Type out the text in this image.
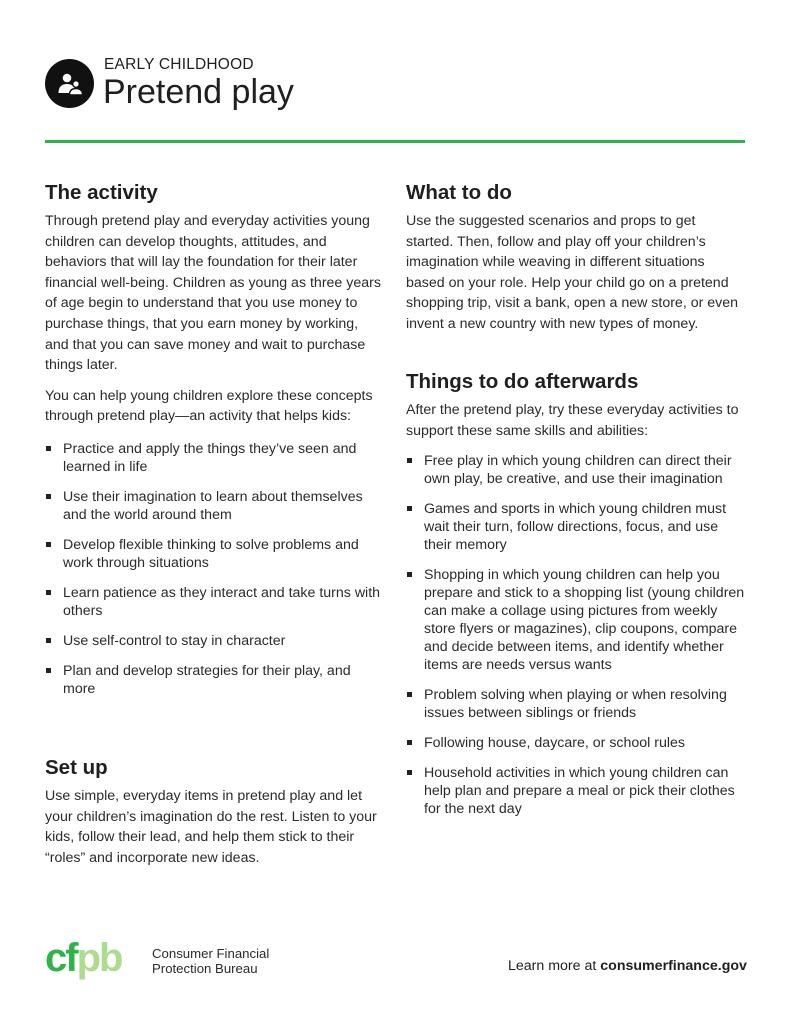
EARLY CHILDHOOD
Pretend play
The activity

Through pretend play and everyday activities young children can develop thoughts, attitudes, and behaviors that will lay the foundation for their later financial well-being. Children as young as three years of age begin to understand that you use money to purchase things, that you earn money by working, and that you can save money and wait to purchase things later.

You can help young children explore these concepts through pretend play—an activity that helps kids:

Practice and apply the things they’ve seen and learned in life
Use their imagination to learn about themselves and the world around them
Develop flexible thinking to solve problems and work through situations
Learn patience as they interact and take turns with others
Use self-control to stay in character
Plan and develop strategies for their play, and more
Set up

Use simple, everyday items in pretend play and let your children’s imagination do the rest. Listen to your kids, follow their lead, and help them stick to their “roles” and incorporate new ideas.

What to do

Use the suggested scenarios and props to get started. Then, follow and play off your children’s imagination while weaving in different situations based on your role. Help your child go on a pretend shopping trip, visit a bank, open a new store, or even invent a new country with new types of money.

Things to do afterwards

After the pretend play, try these everyday activities to support these same skills and abilities:

Free play in which young children can direct their own play, be creative, and use their imagination
Games and sports in which young children must wait their turn, follow directions, focus, and use their memory
Shopping in which young children can help you prepare and stick to a shopping list (young children can make a collage using pictures from weekly store flyers or magazines), clip coupons, compare and decide between items, and identify whether items are needs versus wants
Problem solving when playing or when resolving issues between siblings or friends
Following house, daycare, or school rules
Household activities in which young children can help plan and prepare a meal or pick their clothes for the next day
cfpb Consumer Financial
Protection Bureau	Learn more at consumerfinance.gov
